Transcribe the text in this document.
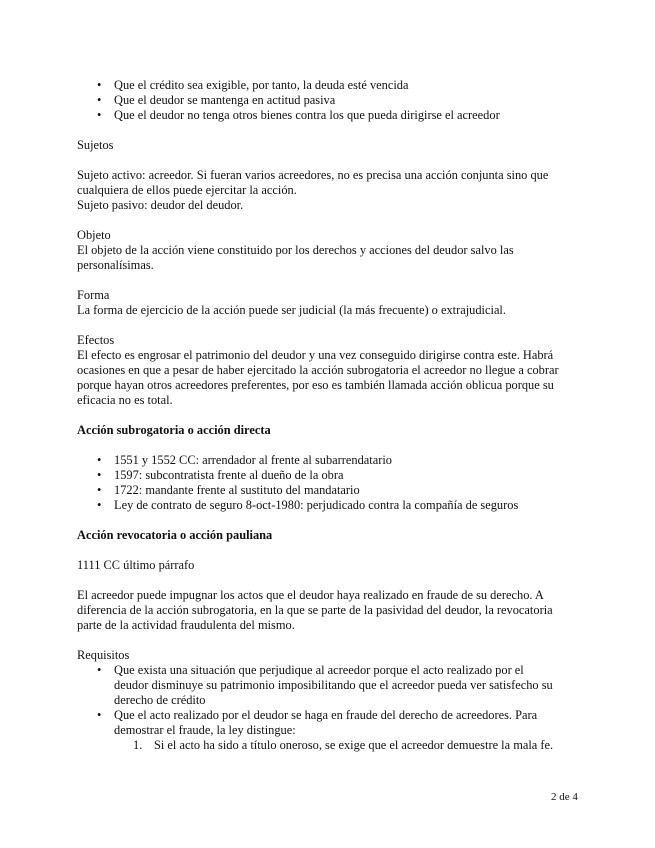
• Que el crédito sea exigible, por tanto, la deuda esté vencida
• Que el deudor se mantenga en actitud pasiva
• Que el deudor no tenga otros bienes contra los que pueda dirigirse el acreedor

Sujetos

Sujeto activo: acreedor. Si fueran varios acreedores, no es precisa una acción conjunta sino que

cualquiera de ellos puede ejercitar la acción.

Sujeto pasivo: deudor del deudor.

Objeto

El objeto de la acción viene constituido por los derechos y acciones del deudor salvo las

personalísimas.

Forma

La forma de ejercicio de la acción puede ser judicial (la más frecuente) o extrajudicial.

Efectos

El efecto es engrosar el patrimonio del deudor y una vez conseguido dirigirse contra este. Habrá

ocasiones en que a pesar de haber ejercitado la acción subrogatoria el acreedor no llegue a cobrar

porque hayan otros acreedores preferentes, por eso es también llamada acción oblicua porque su

eficacia no es total.

Acción subrogatoria o acción directa

• 1551 y 1552 CC: arrendador al frente al subarrendatario
• 1597: subcontratista frente al dueño de la obra
• 1722: mandante frente al sustituto del mandatario
• Ley de contrato de seguro 8-oct-1980: perjudicado contra la compañía de seguros

Acción revocatoria o acción pauliana

1111 CC último párrafo

El acreedor puede impugnar los actos que el deudor haya realizado en fraude de su derecho. A

diferencia de la acción subrogatoria, en la que se parte de la pasividad del deudor, la revocatoria

parte de la actividad fraudulenta del mismo.

Requisitos

• Que exista una situación que perjudique al acreedor porque el acto realizado por el
deudor disminuye su patrimonio imposibilitando que el acreedor pueda ver satisfecho su
derecho de crédito
• Que el acto realizado por el deudor se haga en fraude del derecho de acreedores. Para
demostrar el fraude, la ley distingue:
1. Si el acto ha sido a título oneroso, se exige que el acreedor demuestre la mala fe.
2 de 4
